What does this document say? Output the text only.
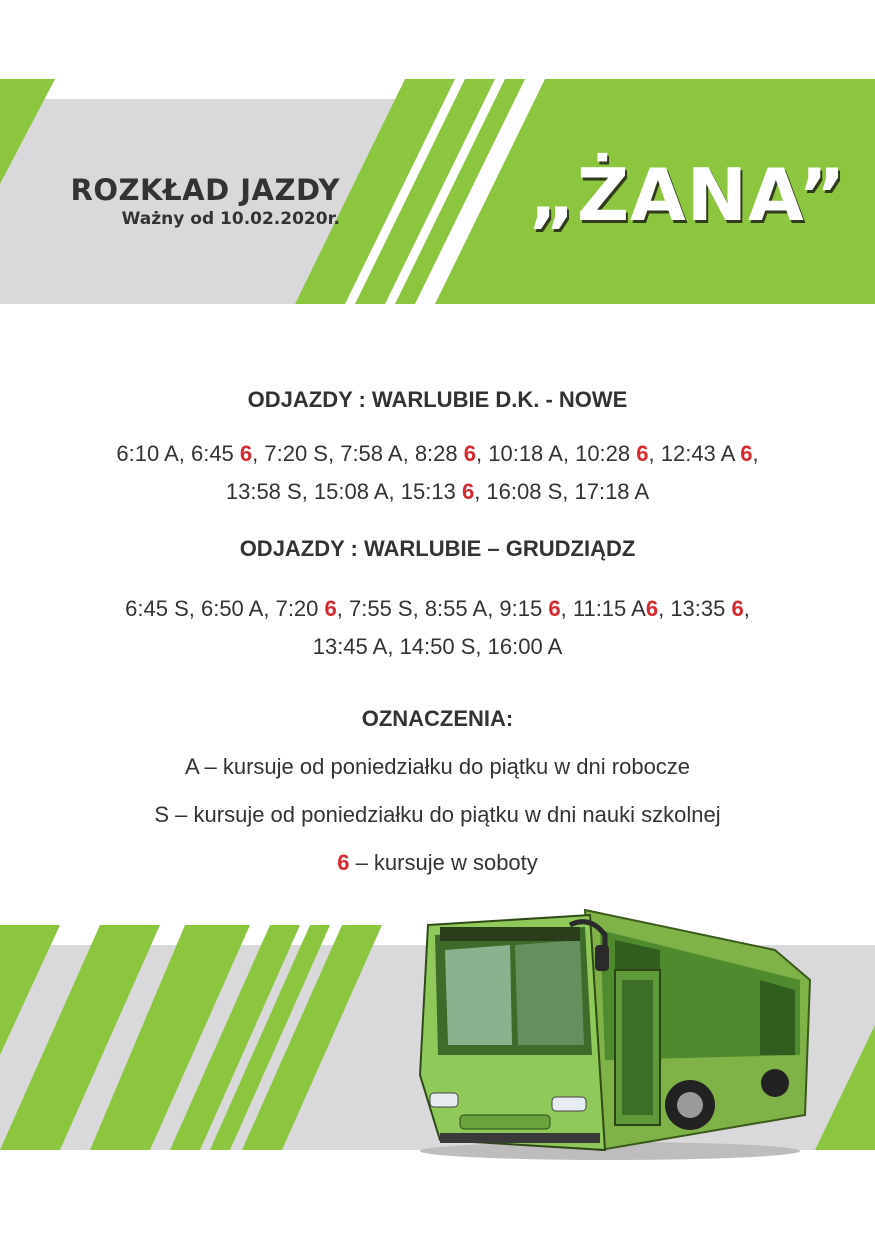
ROZKŁAD JAZDY
Ważny od 10.02.2020r.	„ŻANA”
ODJAZDY : WARLUBIE D.K. - NOWE
6:10 A, 6:45 6, 7:20 S, 7:58 A, 8:28 6, 10:18 A, 10:28 6, 12:43 A 6,
13:58 S, 15:08 A, 15:13 6, 16:08 S, 17:18 A
ODJAZDY : WARLUBIE – GRUDZIĄDZ
6:45 S, 6:50 A, 7:20 6, 7:55 S, 8:55 A, 9:15 6, 11:15 A6, 13:35 6,
13:45 A, 14:50 S, 16:00 A
OZNACZENIA:
A – kursuje od poniedziałku do piątku w dni robocze
S – kursuje od poniedziałku do piątku w dni nauki szkolnej
6 – kursuje w soboty
